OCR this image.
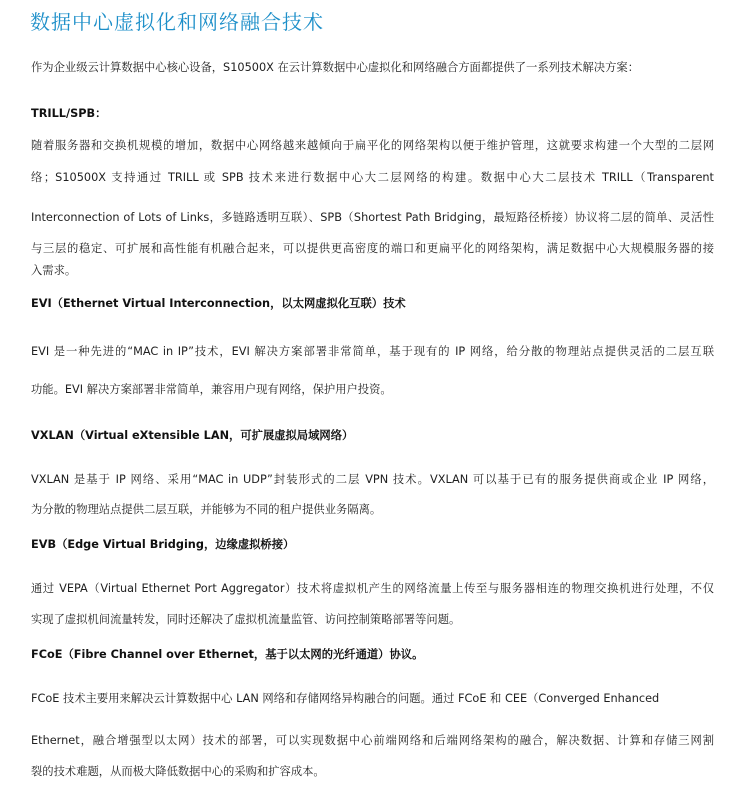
数据中心虚拟化和网络融合技术
作为企业级云计算数据中心核心设备，S10500X 在云计算数据中心虚拟化和网络融合方面都提供了一系列技术解决方案：
TRILL/SPB：
随着服务器和交换机规模的增加，数据中心网络越来越倾向于扁平化的网络架构以便于维护管理，这就要求构建一个大型的二层网
络；S10500X 支持通过 TRILL 或 SPB 技术来进行数据中心大二层网络的构建。数据中心大二层技术 TRILL（Transparent
Interconnection of Lots of Links，多链路透明互联）、SPB（Shortest Path Bridging，最短路径桥接）协议将二层的简单、灵活性
与三层的稳定、可扩展和高性能有机融合起来，可以提供更高密度的端口和更扁平化的网络架构，满足数据中心大规模服务器的接
入需求。
EVI（Ethernet Virtual Interconnection，以太网虚拟化互联）技术
EVI 是一种先进的“MAC in IP”技术，EVI 解决方案部署非常简单，基于现有的 IP 网络，给分散的物理站点提供灵活的二层互联
功能。EVI 解决方案部署非常简单，兼容用户现有网络，保护用户投资。
VXLAN（Virtual eXtensible LAN，可扩展虚拟局域网络）
VXLAN 是基于 IP 网络、采用“MAC in UDP”封装形式的二层 VPN 技术。VXLAN 可以基于已有的服务提供商或企业 IP 网络，
为分散的物理站点提供二层互联，并能够为不同的租户提供业务隔离。
EVB（Edge Virtual Bridging，边缘虚拟桥接）
通过 VEPA（Virtual Ethernet Port Aggregator）技术将虚拟机产生的网络流量上传至与服务器相连的物理交换机进行处理，不仅
实现了虚拟机间流量转发，同时还解决了虚拟机流量监管、访问控制策略部署等问题。
FCoE（Fibre Channel over Ethernet，基于以太网的光纤通道）协议。
FCoE 技术主要用来解决云计算数据中心 LAN 网络和存储网络异构融合的问题。通过 FCoE 和 CEE（Converged Enhanced
Ethernet，融合增强型以太网）技术的部署，可以实现数据中心前端网络和后端网络架构的融合，解决数据、计算和存储三网割
裂的技术难题，从而极大降低数据中心的采购和扩容成本。
